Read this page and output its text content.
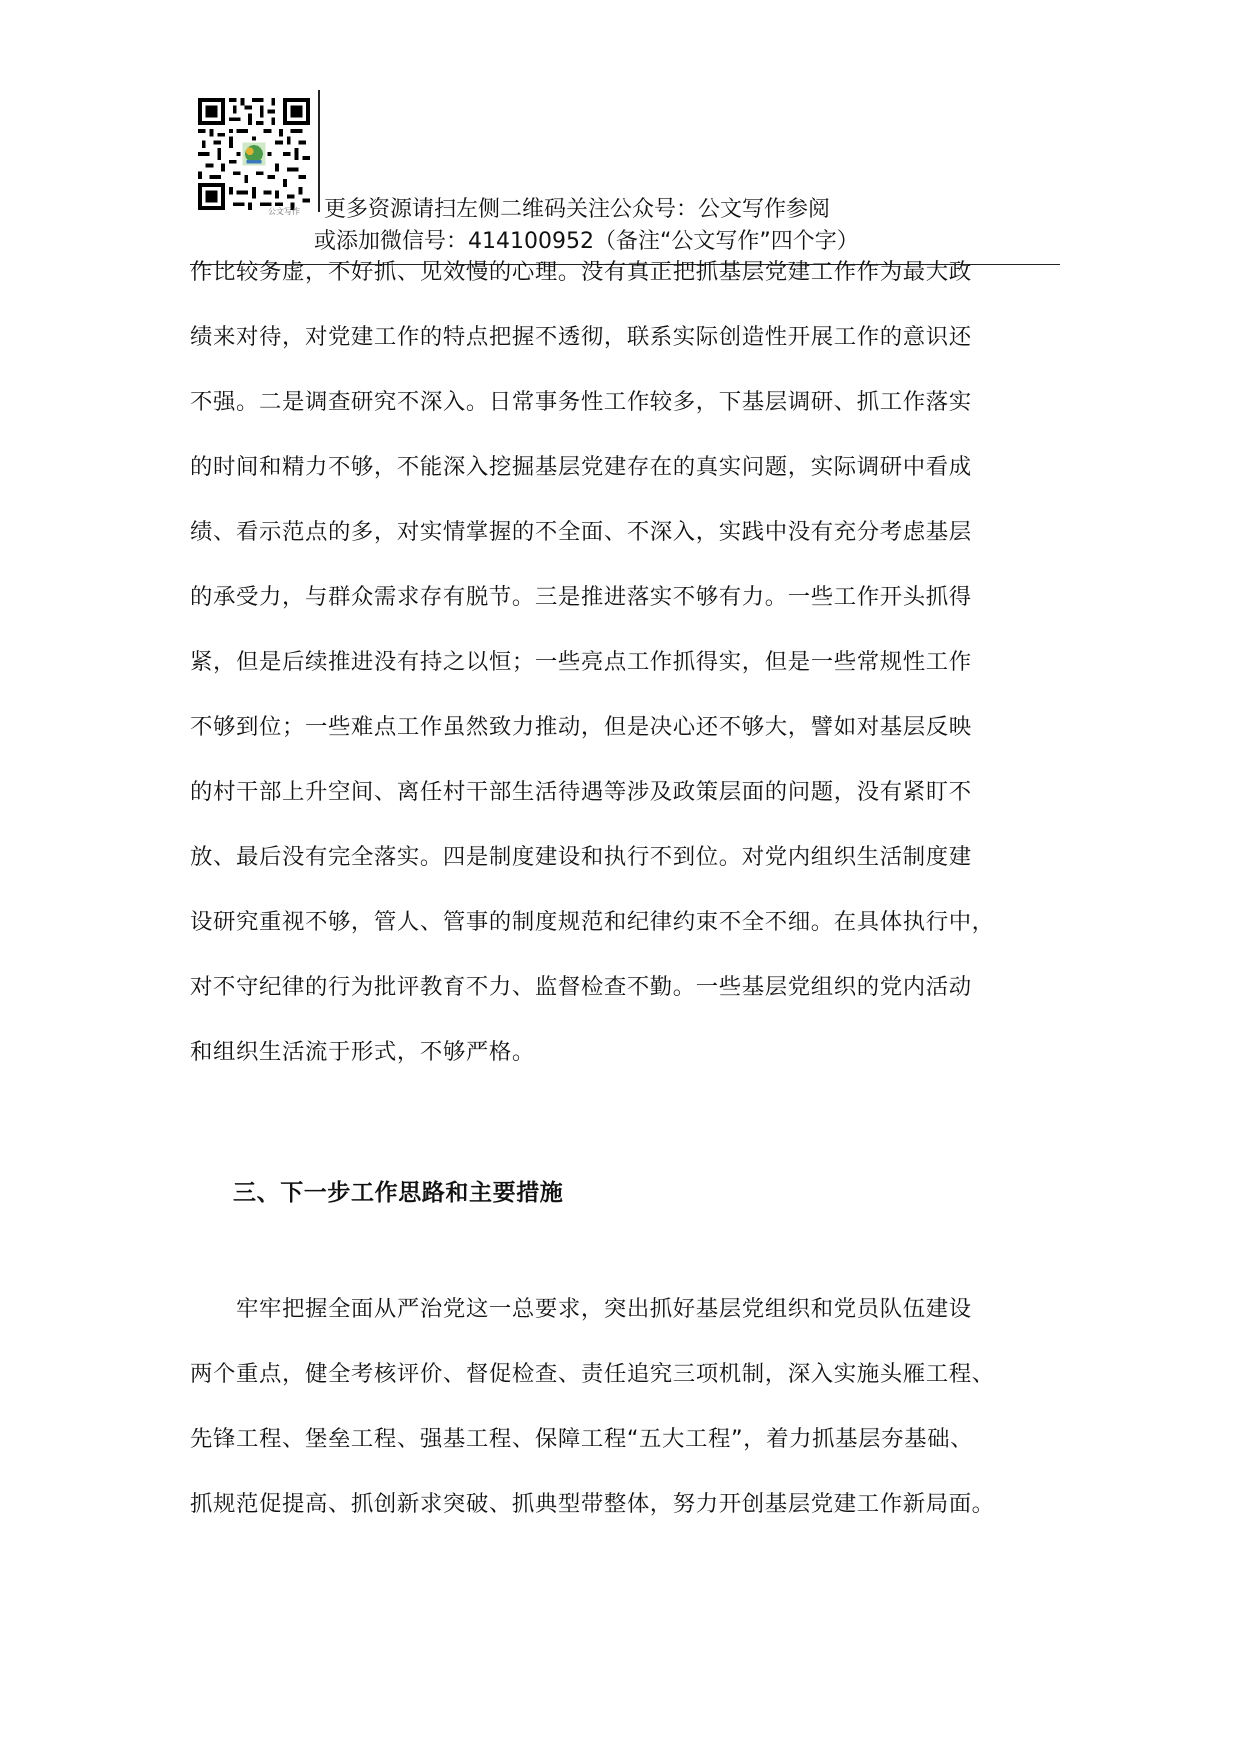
公文写作 更多资源请扫左侧二维码关注公众号：公文写作参阅
或添加微信号：414100952（备注“公文写作”四个字）
作比较务虚，不好抓、见效慢的心理。没有真正把抓基层党建工作作为最大政
绩来对待，对党建工作的特点把握不透彻，联系实际创造性开展工作的意识还
不强。二是调查研究不深入。日常事务性工作较多，下基层调研、抓工作落实
的时间和精力不够，不能深入挖掘基层党建存在的真实问题，实际调研中看成
绩、看示范点的多，对实情掌握的不全面、不深入，实践中没有充分考虑基层
的承受力，与群众需求存有脱节。三是推进落实不够有力。一些工作开头抓得
紧，但是后续推进没有持之以恒；一些亮点工作抓得实，但是一些常规性工作
不够到位；一些难点工作虽然致力推动，但是决心还不够大，譬如对基层反映
的村干部上升空间、离任村干部生活待遇等涉及政策层面的问题，没有紧盯不
放、最后没有完全落实。四是制度建设和执行不到位。对党内组织生活制度建
设研究重视不够，管人、管事的制度规范和纪律约束不全不细。在具体执行中，
对不守纪律的行为批评教育不力、监督检查不勤。一些基层党组织的党内活动
和组织生活流于形式，不够严格。
三、下一步工作思路和主要措施
　　牢牢把握全面从严治党这一总要求，突出抓好基层党组织和党员队伍建设
两个重点，健全考核评价、督促检查、责任追究三项机制，深入实施头雁工程、
先锋工程、堡垒工程、强基工程、保障工程“五大工程”，着力抓基层夯基础、
抓规范促提高、抓创新求突破、抓典型带整体，努力开创基层党建工作新局面。
